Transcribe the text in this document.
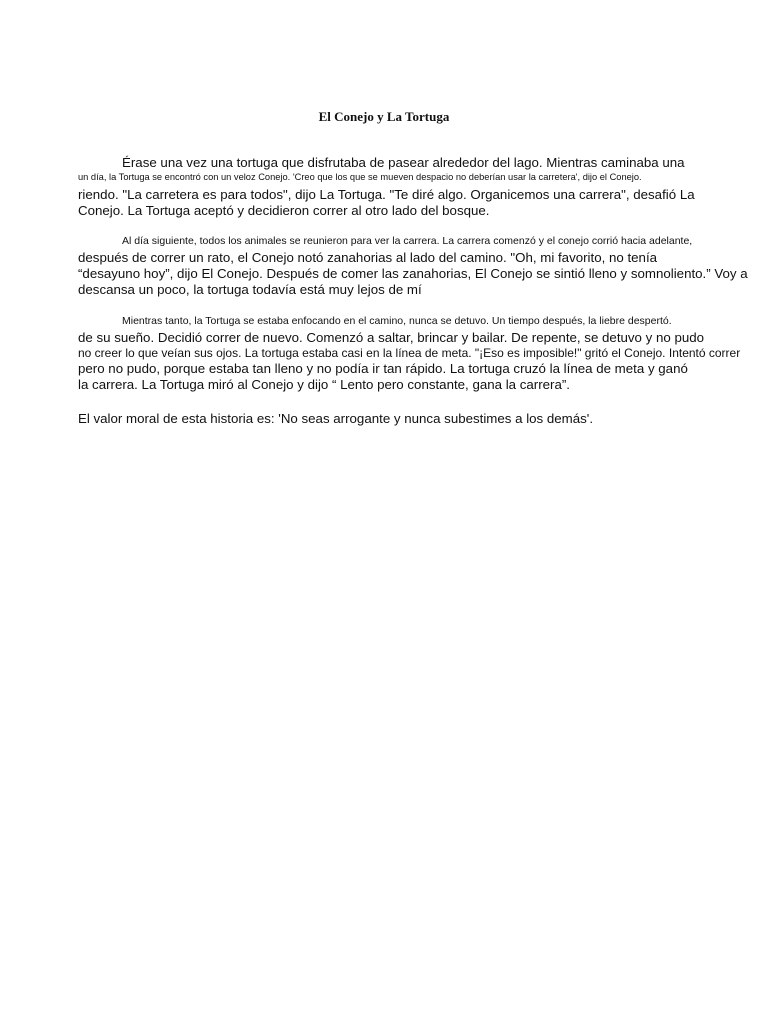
El Conejo y La Tortuga
Érase una vez una tortuga que disfrutaba de pasear alrededor del lago. Mientras caminaba una
un día, la Tortuga se encontró con un veloz Conejo. 'Creo que los que se mueven despacio no deberían usar la carretera', dijo el Conejo.
riendo. "La carretera es para todos", dijo La Tortuga. "Te diré algo. Organicemos una carrera", desafió La
Conejo. La Tortuga aceptó y decidieron correr al otro lado del bosque.
Al día siguiente, todos los animales se reunieron para ver la carrera. La carrera comenzó y el conejo corrió hacia adelante,
después de correr un rato, el Conejo notó zanahorias al lado del camino. "Oh, mi favorito, no tenía
“desayuno hoy”, dijo El Conejo. Después de comer las zanahorias, El Conejo se sintió lleno y somnoliento.” Voy a
descansa un poco, la tortuga todavía está muy lejos de mí
Mientras tanto, la Tortuga se estaba enfocando en el camino, nunca se detuvo. Un tiempo después, la liebre despertó.
de su sueño. Decidió correr de nuevo. Comenzó a saltar, brincar y bailar. De repente, se detuvo y no pudo
no creer lo que veían sus ojos. La tortuga estaba casi en la línea de meta. "¡Eso es imposible!" gritó el Conejo. Intentó correr
pero no pudo, porque estaba tan lleno y no podía ir tan rápido. La tortuga cruzó la línea de meta y ganó
la carrera. La Tortuga miró al Conejo y dijo “ Lento pero constante, gana la carrera”.
El valor moral de esta historia es: 'No seas arrogante y nunca subestimes a los demás'.
